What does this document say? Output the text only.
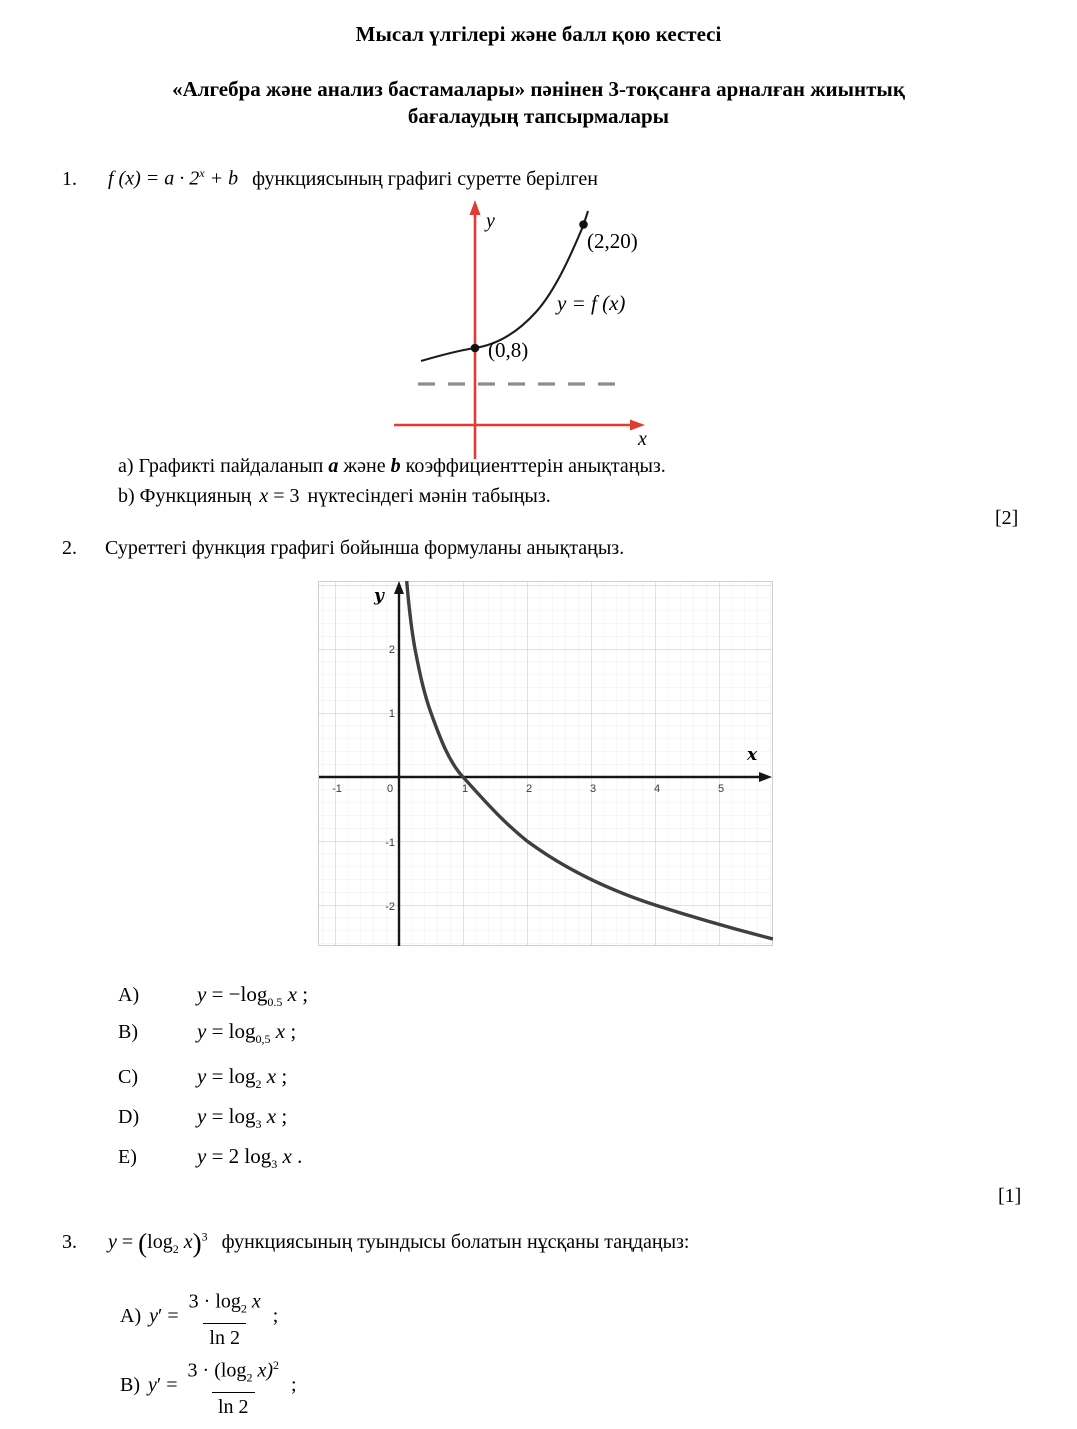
Мысал үлгілері және балл қою кестесі
«Алгебра және анализ бастамалары» пәнінен 3-тоқсанға арналған жиынтық
бағалаудың тапсырмалары
1. f $(x) = a \cdot 2^x + b$ функциясының графигі суретте берілген
y
x
(2,20)
(0,8)
y = f (x)
a) Графикті пайдаланып а және b коэффициенттерін анықтаңыз.
b) Функцияның x = 3 нүктесіндегі мәнін табыңыз.
[2]
2. Суреттегі функция графигі бойынша формуланы анықтаңыз.
y
x
-1	0	1	2	3	4	5
2
1
-1
-2
A)	$y = -\log_{0.5}$ x ;
B)	$y = \log_{0,5} x$ ;
C)	$y = \log_2 x$ ;
D)	$y = \log_3 x$ ;
E)	y = 2 $\log_3 x$ .
[1]
3. $y = (\log_2$ x)$^3$ функциясының туындысы болатын нұсқаны таңдаңыз:
A) y ′ = $\frac{3 \cdot \log_2 x}{\ln 2}$ ;
B) y ′ = $\frac{3 \cdot (\log_2 x)^2}{\ln 2}$ ;
